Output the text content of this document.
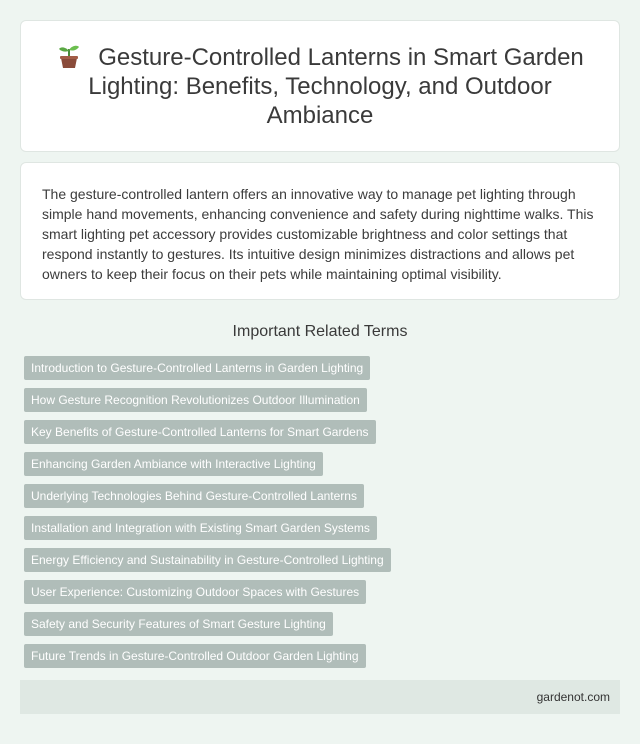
Gesture-Controlled Lanterns in Smart Garden Lighting: Benefits, Technology, and Outdoor Ambiance

The gesture-controlled lantern offers an innovative way to manage pet lighting through simple hand movements, enhancing convenience and safety during nighttime walks. This smart lighting pet accessory provides customizable brightness and color settings that respond instantly to gestures. Its intuitive design minimizes distractions and allows pet owners to keep their focus on their pets while maintaining optimal visibility.

Important Related Terms
Introduction to Gesture-Controlled Lanterns in Garden Lighting
How Gesture Recognition Revolutionizes Outdoor Illumination
Key Benefits of Gesture-Controlled Lanterns for Smart Gardens
Enhancing Garden Ambiance with Interactive Lighting
Underlying Technologies Behind Gesture-Controlled Lanterns
Installation and Integration with Existing Smart Garden Systems
Energy Efficiency and Sustainability in Gesture-Controlled Lighting
User Experience: Customizing Outdoor Spaces with Gestures
Safety and Security Features of Smart Gesture Lighting
Future Trends in Gesture-Controlled Outdoor Garden Lighting
gardenot.com
